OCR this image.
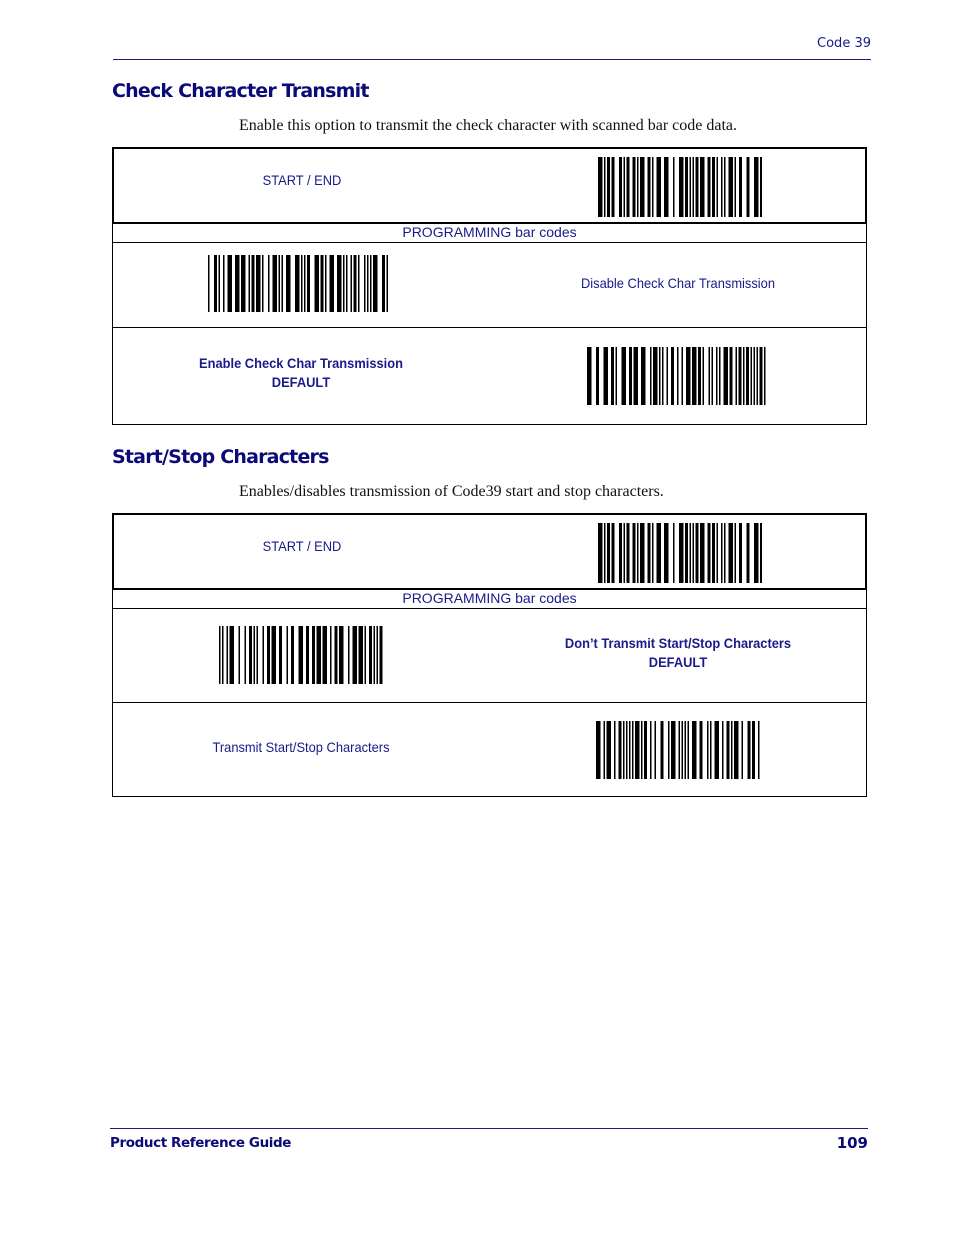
Code 39
Check Character Transmit

Enable this option to transmit the check character with scanned bar code data.

START / END
PROGRAMMING bar codes
Disable Check Char Transmission
Enable Check Char Transmission
DEFAULT
Start/Stop Characters

Enables/disables transmission of Code39 start and stop characters.

START / END
PROGRAMMING bar codes
Don’t Transmit Start/Stop Characters
DEFAULT
Transmit Start/Stop Characters
Product Reference Guide	109
